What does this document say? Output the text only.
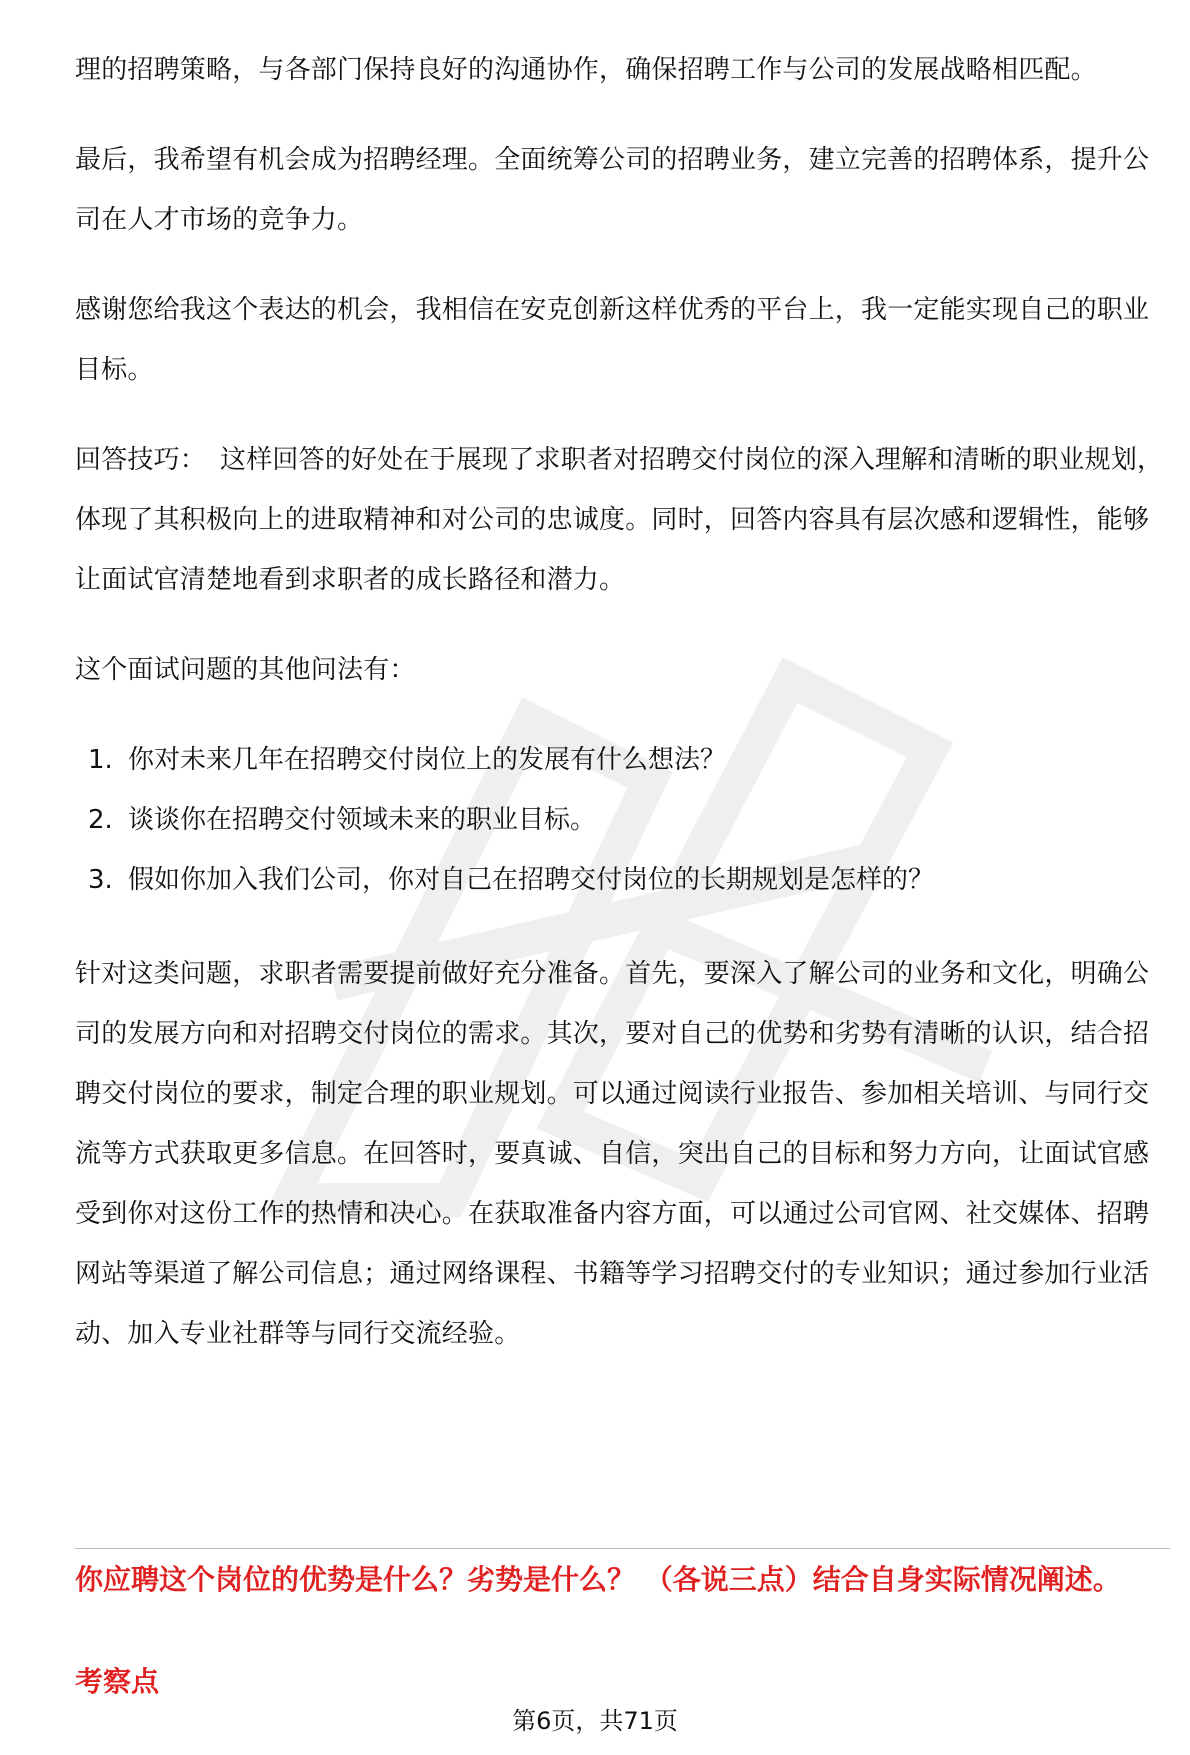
理的招聘策略，与各部门保持良好的沟通协作，确保招聘工作与公司的发展战略相匹配。

最后，我希望有机会成为招聘经理。全面统筹公司的招聘业务，建立完善的招聘体系，提升公司在人才市场的竞争力。

感谢您给我这个表达的机会，我相信在安克创新这样优秀的平台上，我一定能实现自己的职业目标。

回答技巧： 这样回答的好处在于展现了求职者对招聘交付岗位的深入理解和清晰的职业规划，体现了其积极向上的进取精神和对公司的忠诚度。同时，回答内容具有层次感和逻辑性，能够让面试官清楚地看到求职者的成长路径和潜力。

这个面试问题的其他问法有：

1. 你对未来几年在招聘交付岗位上的发展有什么想法？
2. 谈谈你在招聘交付领域未来的职业目标。
3. 假如你加入我们公司，你对自己在招聘交付岗位的长期规划是怎样的？

针对这类问题，求职者需要提前做好充分准备。首先，要深入了解公司的业务和文化，明确公司的发展方向和对招聘交付岗位的需求。其次，要对自己的优势和劣势有清晰的认识，结合招聘交付岗位的要求，制定合理的职业规划。可以通过阅读行业报告、参加相关培训、与同行交流等方式获取更多信息。在回答时，要真诚、自信，突出自己的目标和努力方向，让面试官感受到你对这份工作的热情和决心。在获取准备内容方面，可以通过公司官网、社交媒体、招聘网站等渠道了解公司信息；通过网络课程、书籍等学习招聘交付的专业知识；通过参加行业活动、加入专业社群等与同行交流经验。

你应聘这个岗位的优势是什么？劣势是什么？ （各说三点）结合自身实际情况阐述。
考察点
第6页，共71页
